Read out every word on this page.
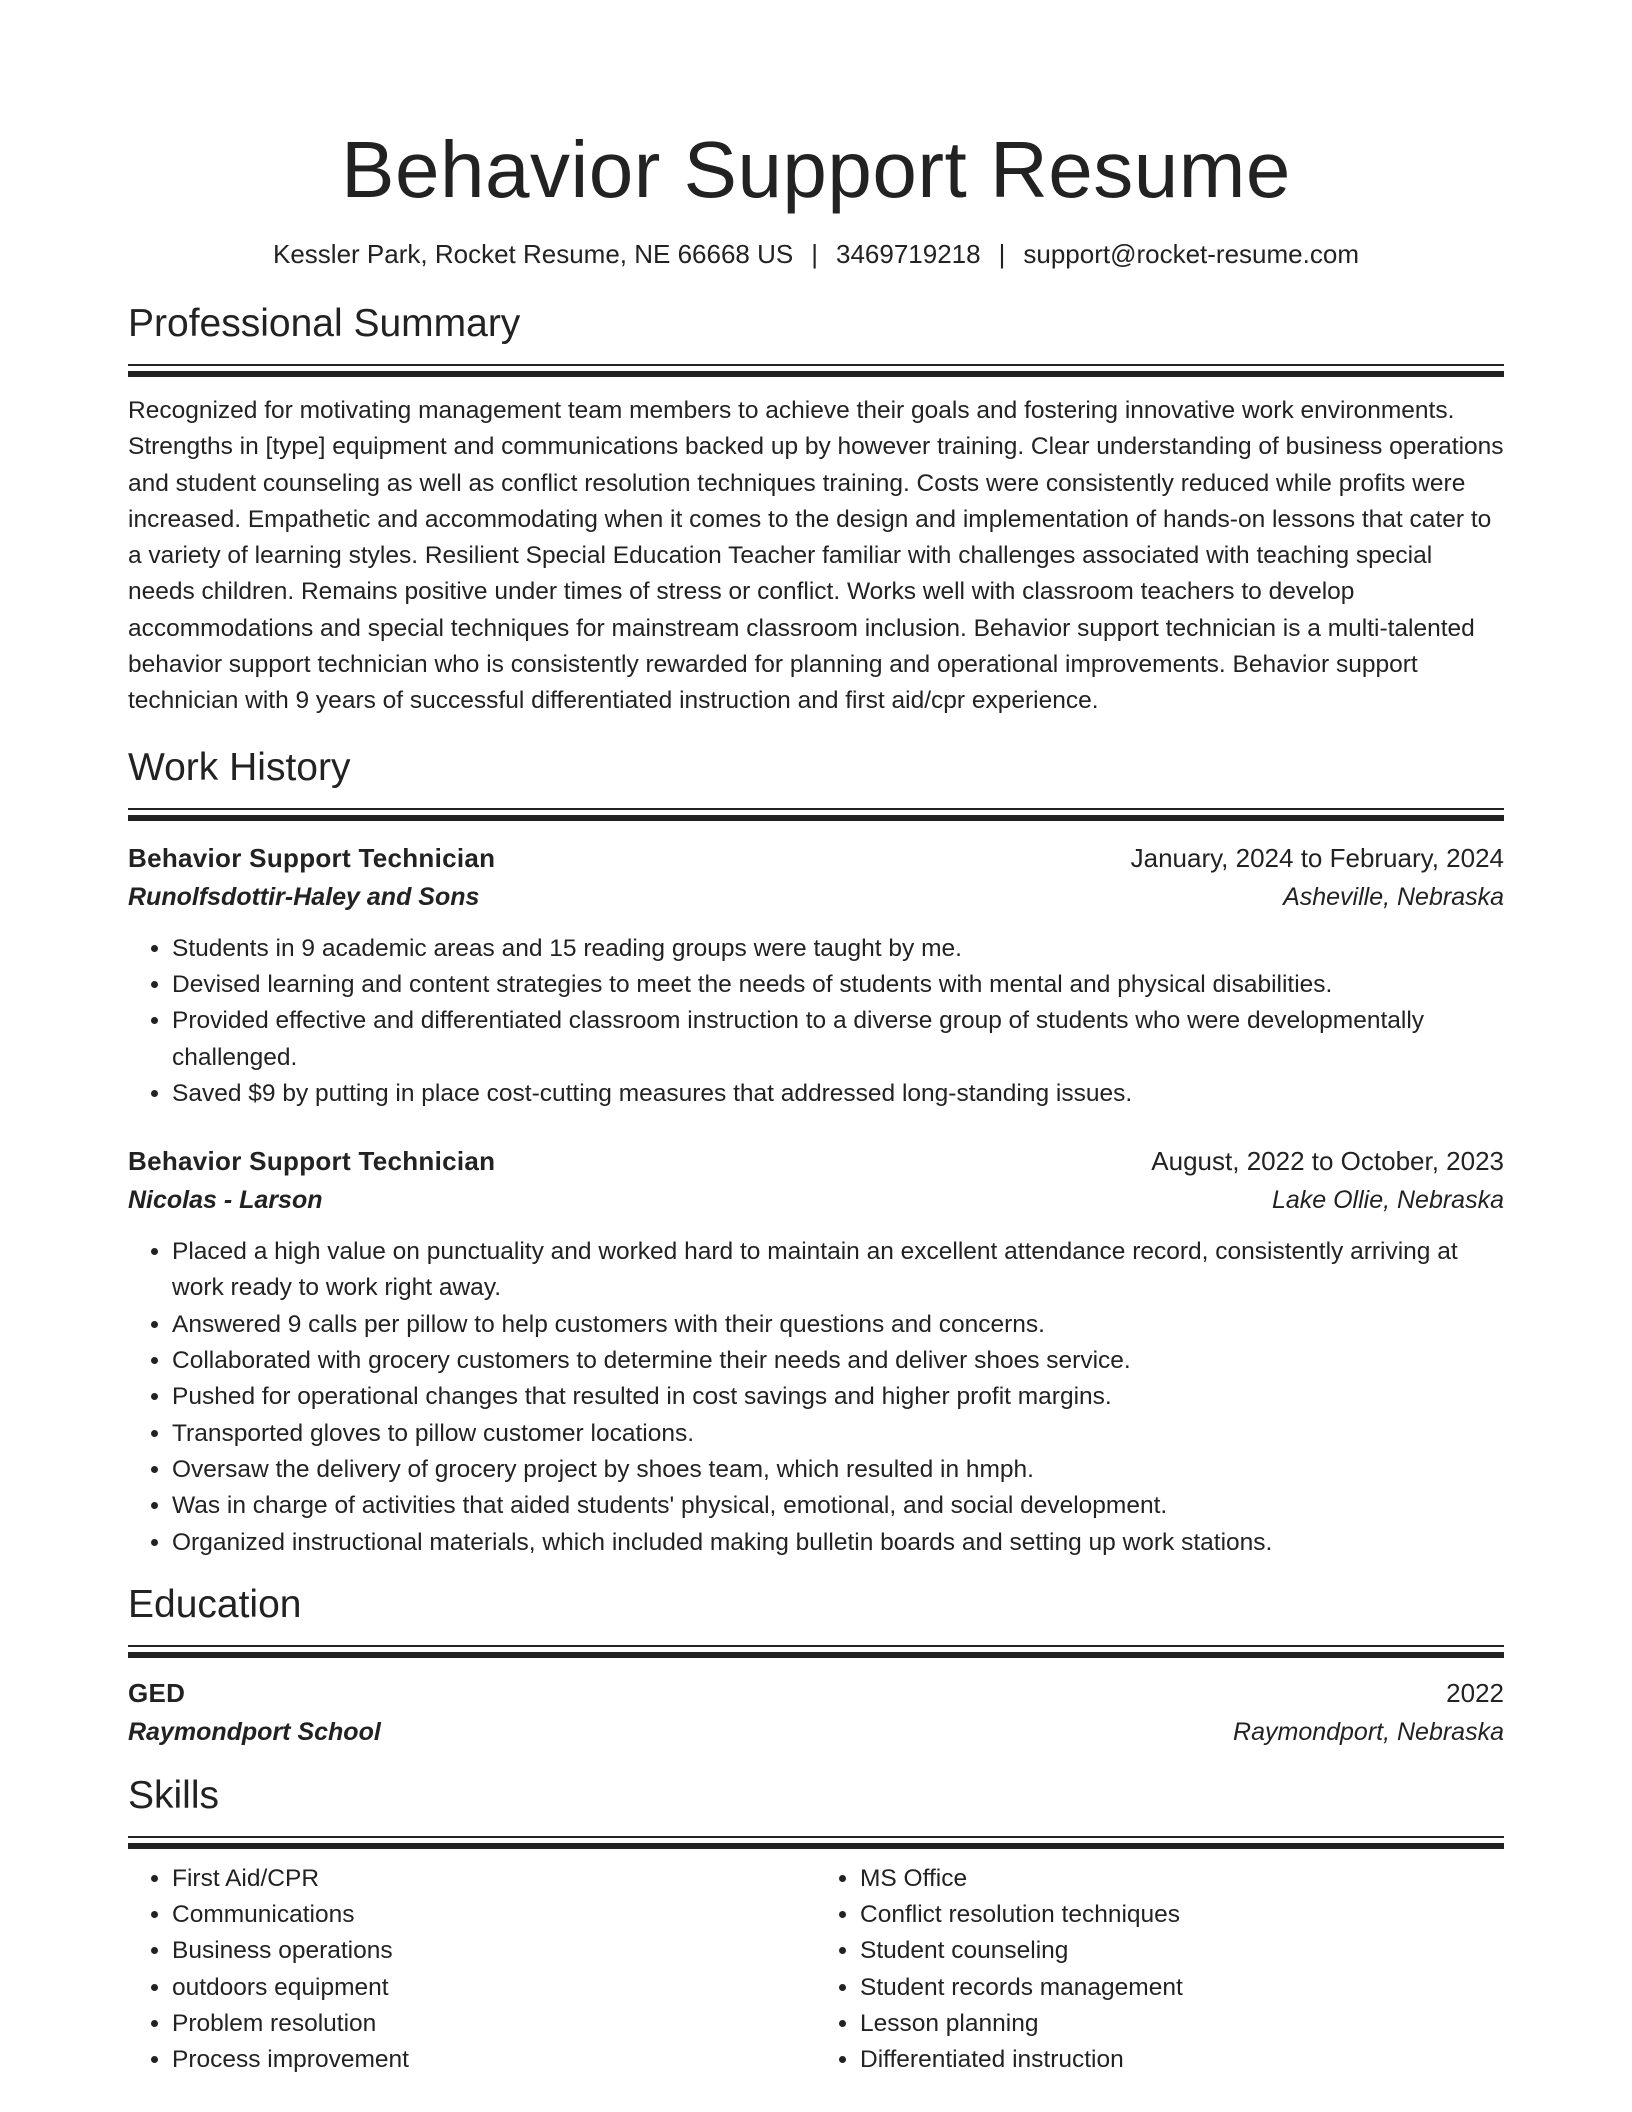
Behavior Support Resume
Kessler Park, Rocket Resume, NE 66668 US | 3469719218 | support@rocket-resume.com
Professional Summary

Recognized for motivating management team members to achieve their goals and fostering innovative work environments. Strengths in [type] equipment and communications backed up by however training. Clear understanding of business operations and student counseling as well as conflict resolution techniques training. Costs were consistently reduced while profits were increased. Empathetic and accommodating when it comes to the design and implementation of hands-on lessons that cater to a variety of learning styles. Resilient Special Education Teacher familiar with challenges associated with teaching special needs children. Remains positive under times of stress or conflict. Works well with classroom teachers to develop accommodations and special techniques for mainstream classroom inclusion. Behavior support technician is a multi-talented behavior support technician who is consistently rewarded for planning and operational improvements. Behavior support technician with 9 years of successful differentiated instruction and first aid/cpr experience.

Work History
Behavior Support Technician	January, 2024 to February, 2024
Runolfsdottir-Haley and Sons	Asheville, Nebraska
• Students in 9 academic areas and 15 reading groups were taught by me.
• Devised learning and content strategies to meet the needs of students with mental and physical disabilities.
• Provided effective and differentiated classroom instruction to a diverse group of students who were developmentally challenged.
• Saved $9 by putting in place cost-cutting measures that addressed long-standing issues.
Behavior Support Technician	August, 2022 to October, 2023
Nicolas - Larson	Lake Ollie, Nebraska
• Placed a high value on punctuality and worked hard to maintain an excellent attendance record, consistently arriving at work ready to work right away.
• Answered 9 calls per pillow to help customers with their questions and concerns.
• Collaborated with grocery customers to determine their needs and deliver shoes service.
• Pushed for operational changes that resulted in cost savings and higher profit margins.
• Transported gloves to pillow customer locations.
• Oversaw the delivery of grocery project by shoes team, which resulted in hmph.
• Was in charge of activities that aided students' physical, emotional, and social development.
• Organized instructional materials, which included making bulletin boards and setting up work stations.
Education
GED	2022
Raymondport School	Raymondport, Nebraska
Skills
• First Aid/CPR
• Communications
• Business operations
• outdoors equipment
• Problem resolution
• Process improvement
• MS Office
• Conflict resolution techniques
• Student counseling
• Student records management
• Lesson planning
• Differentiated instruction
